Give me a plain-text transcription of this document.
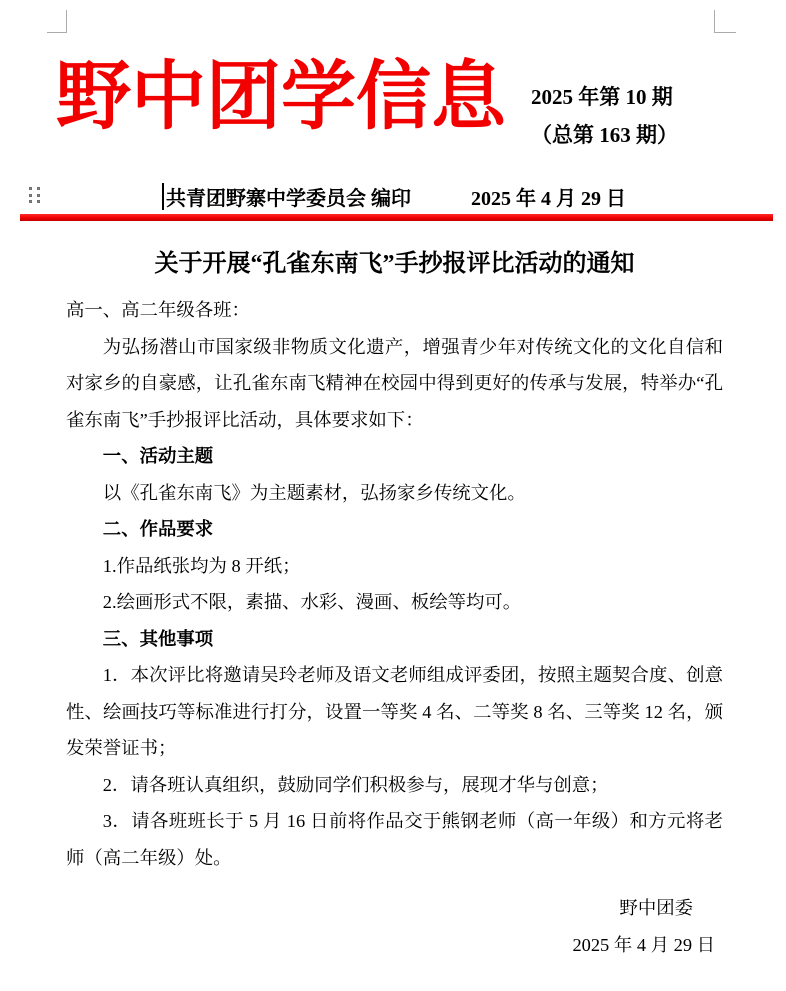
野中团学信息 2025 年第 10 期
（总第 163 期）
共青团野寨中学委员会 编印	2025 年 4 月 29 日
关于开展“孔雀东南飞”手抄报评比活动的通知

高一、高二年级各班：

为弘扬潜山市国家级非物质文化遗产，增强青少年对传统文化的文化自信和对家乡的自豪感，让孔雀东南飞精神在校园中得到更好的传承与发展，特举办“孔雀东南飞”手抄报评比活动，具体要求如下：

一、活动主题

以《孔雀东南飞》为主题素材，弘扬家乡传统文化。

二、作品要求

1.作品纸张均为 8 开纸；

2.绘画形式不限，素描、水彩、漫画、板绘等均可。

三、其他事项

1．本次评比将邀请吴玲老师及语文老师组成评委团，按照主题契合度、创意性、绘画技巧等标准进行打分，设置一等奖 4 名、二等奖 8 名、三等奖 12 名，颁发荣誉证书；

2．请各班认真组织，鼓励同学们积极参与，展现才华与创意；

3．请各班班长于 5 月 16 日前将作品交于熊钢老师（高一年级）和方元将老师（高二年级）处。

野中团委
2025 年 4 月 29 日
